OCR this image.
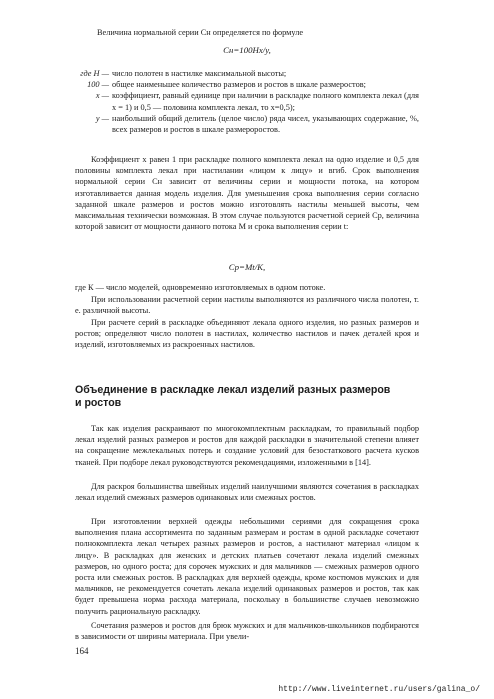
Величина нормальной серии Сн определяется по формуле

Сн=100Нх/у,

где Н — число полотен в настилке максимальной высоты;
100 — общее наименьшее количество размеров и ростов в шкале размеростов;
х — коэффициент, равный единице при наличии в раскладке полного комплекта лекал (для x = 1) и 0,5 — половина комплекта лекал, то x=0,5);
у — наибольший общий делитель (целое число) ряда чисел, указывающих содержание, %, всех размеров и ростов в шкале размероростов.

Коэффициент x равен 1 при раскладке полного комплекта лекал на одно изделие и 0,5 для половины комплекта лекал при настилании «лицом к лицу» и вгиб. Срок выполнения нормальной серии Сн зависит от величины серии и мощности потока, на котором изготавливается данная модель изделия. Для уменьшения срока выполнения серии согласно заданной шкале размеров и ростов можно изготовлять настилы меньшей высоты, чем максимальная технически возможная. В этом случае пользуются расчетной серией Ср, величина которой зависит от мощности данного потока М и срока выполнения серии t:

Ср=Мt/К,

где К — число моделей, одновременно изготовляемых в одном потоке.

При использовании расчетной серии настилы выполняются из различного числа полотен, т. е. различной высоты.

При расчете серий в раскладке объединяют лекала одного изделия, но разных размеров и ростов; определяют число полотен в настилах, количество настилов и пачек деталей кроя и изделий, изготовляемых из раскроенных настилов.

Объединение в раскладке лекал изделий разных размеров
и ростов

Так как изделия раскраивают по многокомплектным раскладкам, то правильный подбор лекал изделий разных размеров и ростов для каждой раскладки в значительной степени влияет на сокращение межлекальных потерь и создание условий для безостаткового расчета кусков тканей. При подборе лекал руководствуются рекомендациями, изложенными в [14].

Для раскроя большинства швейных изделий наилучшими являются сочетания в раскладках лекал изделий смежных размеров одинаковых или смежных ростов.

При изготовлении верхней одежды небольшими сериями для сокращения срока выполнения плана ассортимента по заданным размерам и ростам в одной раскладке сочетают полнокомплекта лекал четырех разных размеров и ростов, а настилают материал «лицом к лицу». В раскладках для женских и детских платьев сочетают лекала изделий смежных размеров, но одного роста; для сорочек мужских и для мальчиков — смежных размеров одного роста или смежных ростов. В раскладках для верхней одежды, кроме костюмов мужских и для мальчиков, не рекомендуется сочетать лекала изделий одинаковых размеров и ростов, так как будет превышена норма расхода материала, поскольку в большинстве случаев невозможно получить рациональную раскладку.

Сочетания размеров и ростов для брюк мужских и для мальчиков-школьников подбираются в зависимости от ширины материала. При увели-

164

http://www.liveinternet.ru/users/galina_o/
